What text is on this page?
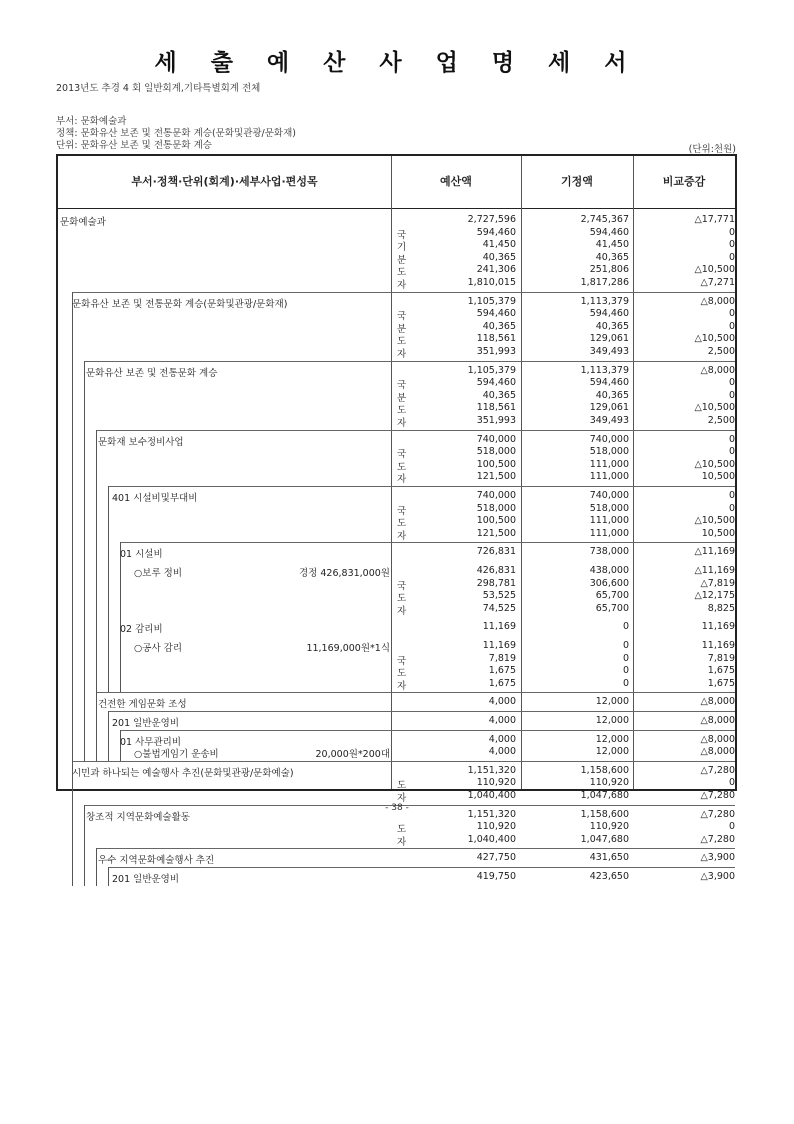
세 출 예 산 사 업 명 세 서
2013년도 추경 4 회 일반회계,기타특별회계 전체
부서: 문화예술과
정책: 문화유산 보존 및 전통문화 계승(문화및관광/문화재)
단위: 문화유산 보존 및 전통문화 계승	(단위:천원)
부서·정책·단위(회계)·세부사업·편성목	예산액	기정액	비교증감
문화예술과	2,727,596	2,745,367	△17,771
국	594,460	594,460	0
기	41,450	41,450	0
분	40,365	40,365	0
도	241,306	251,806	△10,500
자	1,810,015	1,817,286	△7,271
문화유산 보존 및 전통문화 계승(문화및관광/문화재)	1,105,379	1,113,379	△8,000
국	594,460	594,460	0
분	40,365	40,365	0
도	118,561	129,061	△10,500
자	351,993	349,493	2,500
문화유산 보존 및 전통문화 계승	1,105,379	1,113,379	△8,000
국	594,460	594,460	0
분	40,365	40,365	0
도	118,561	129,061	△10,500
자	351,993	349,493	2,500
문화재 보수정비사업	740,000	740,000	0
국	518,000	518,000	0
도	100,500	111,000	△10,500
자	121,500	111,000	10,500
401 시설비및부대비	740,000	740,000	0
국	518,000	518,000	0
도	100,500	111,000	△10,500
자	121,500	111,000	10,500
01 시설비	726,831	738,000	△11,169
○보루 정비	경정 426,831,000원	426,831	438,000	△11,169
국	298,781	306,600	△7,819
도	53,525	65,700	△12,175
자	74,525	65,700	8,825
02 감리비	11,169	0	11,169
○공사 감리	11,169,000원*1식	11,169	0	11,169
국	7,819	0	7,819
도	1,675	0	1,675
자	1,675	0	1,675
건전한 게임문화 조성	4,000	12,000	△8,000
201 일반운영비	4,000	12,000	△8,000
01 사무관리비	4,000	12,000	△8,000
○불법게임기 운송비	20,000원*200대	4,000	12,000	△8,000
시민과 하나되는 예술행사 추진(문화및관광/문화예술)	1,151,320	1,158,600	△7,280
도	110,920	110,920	0
자	1,040,400	1,047,680	△7,280
창조적 지역문화예술활동	1,151,320	1,158,600	△7,280
도	110,920	110,920	0
자	1,040,400	1,047,680	△7,280
우수 지역문화예술행사 추진	427,750	431,650	△3,900
201 일반운영비	419,750	423,650	△3,900
- 38 -
